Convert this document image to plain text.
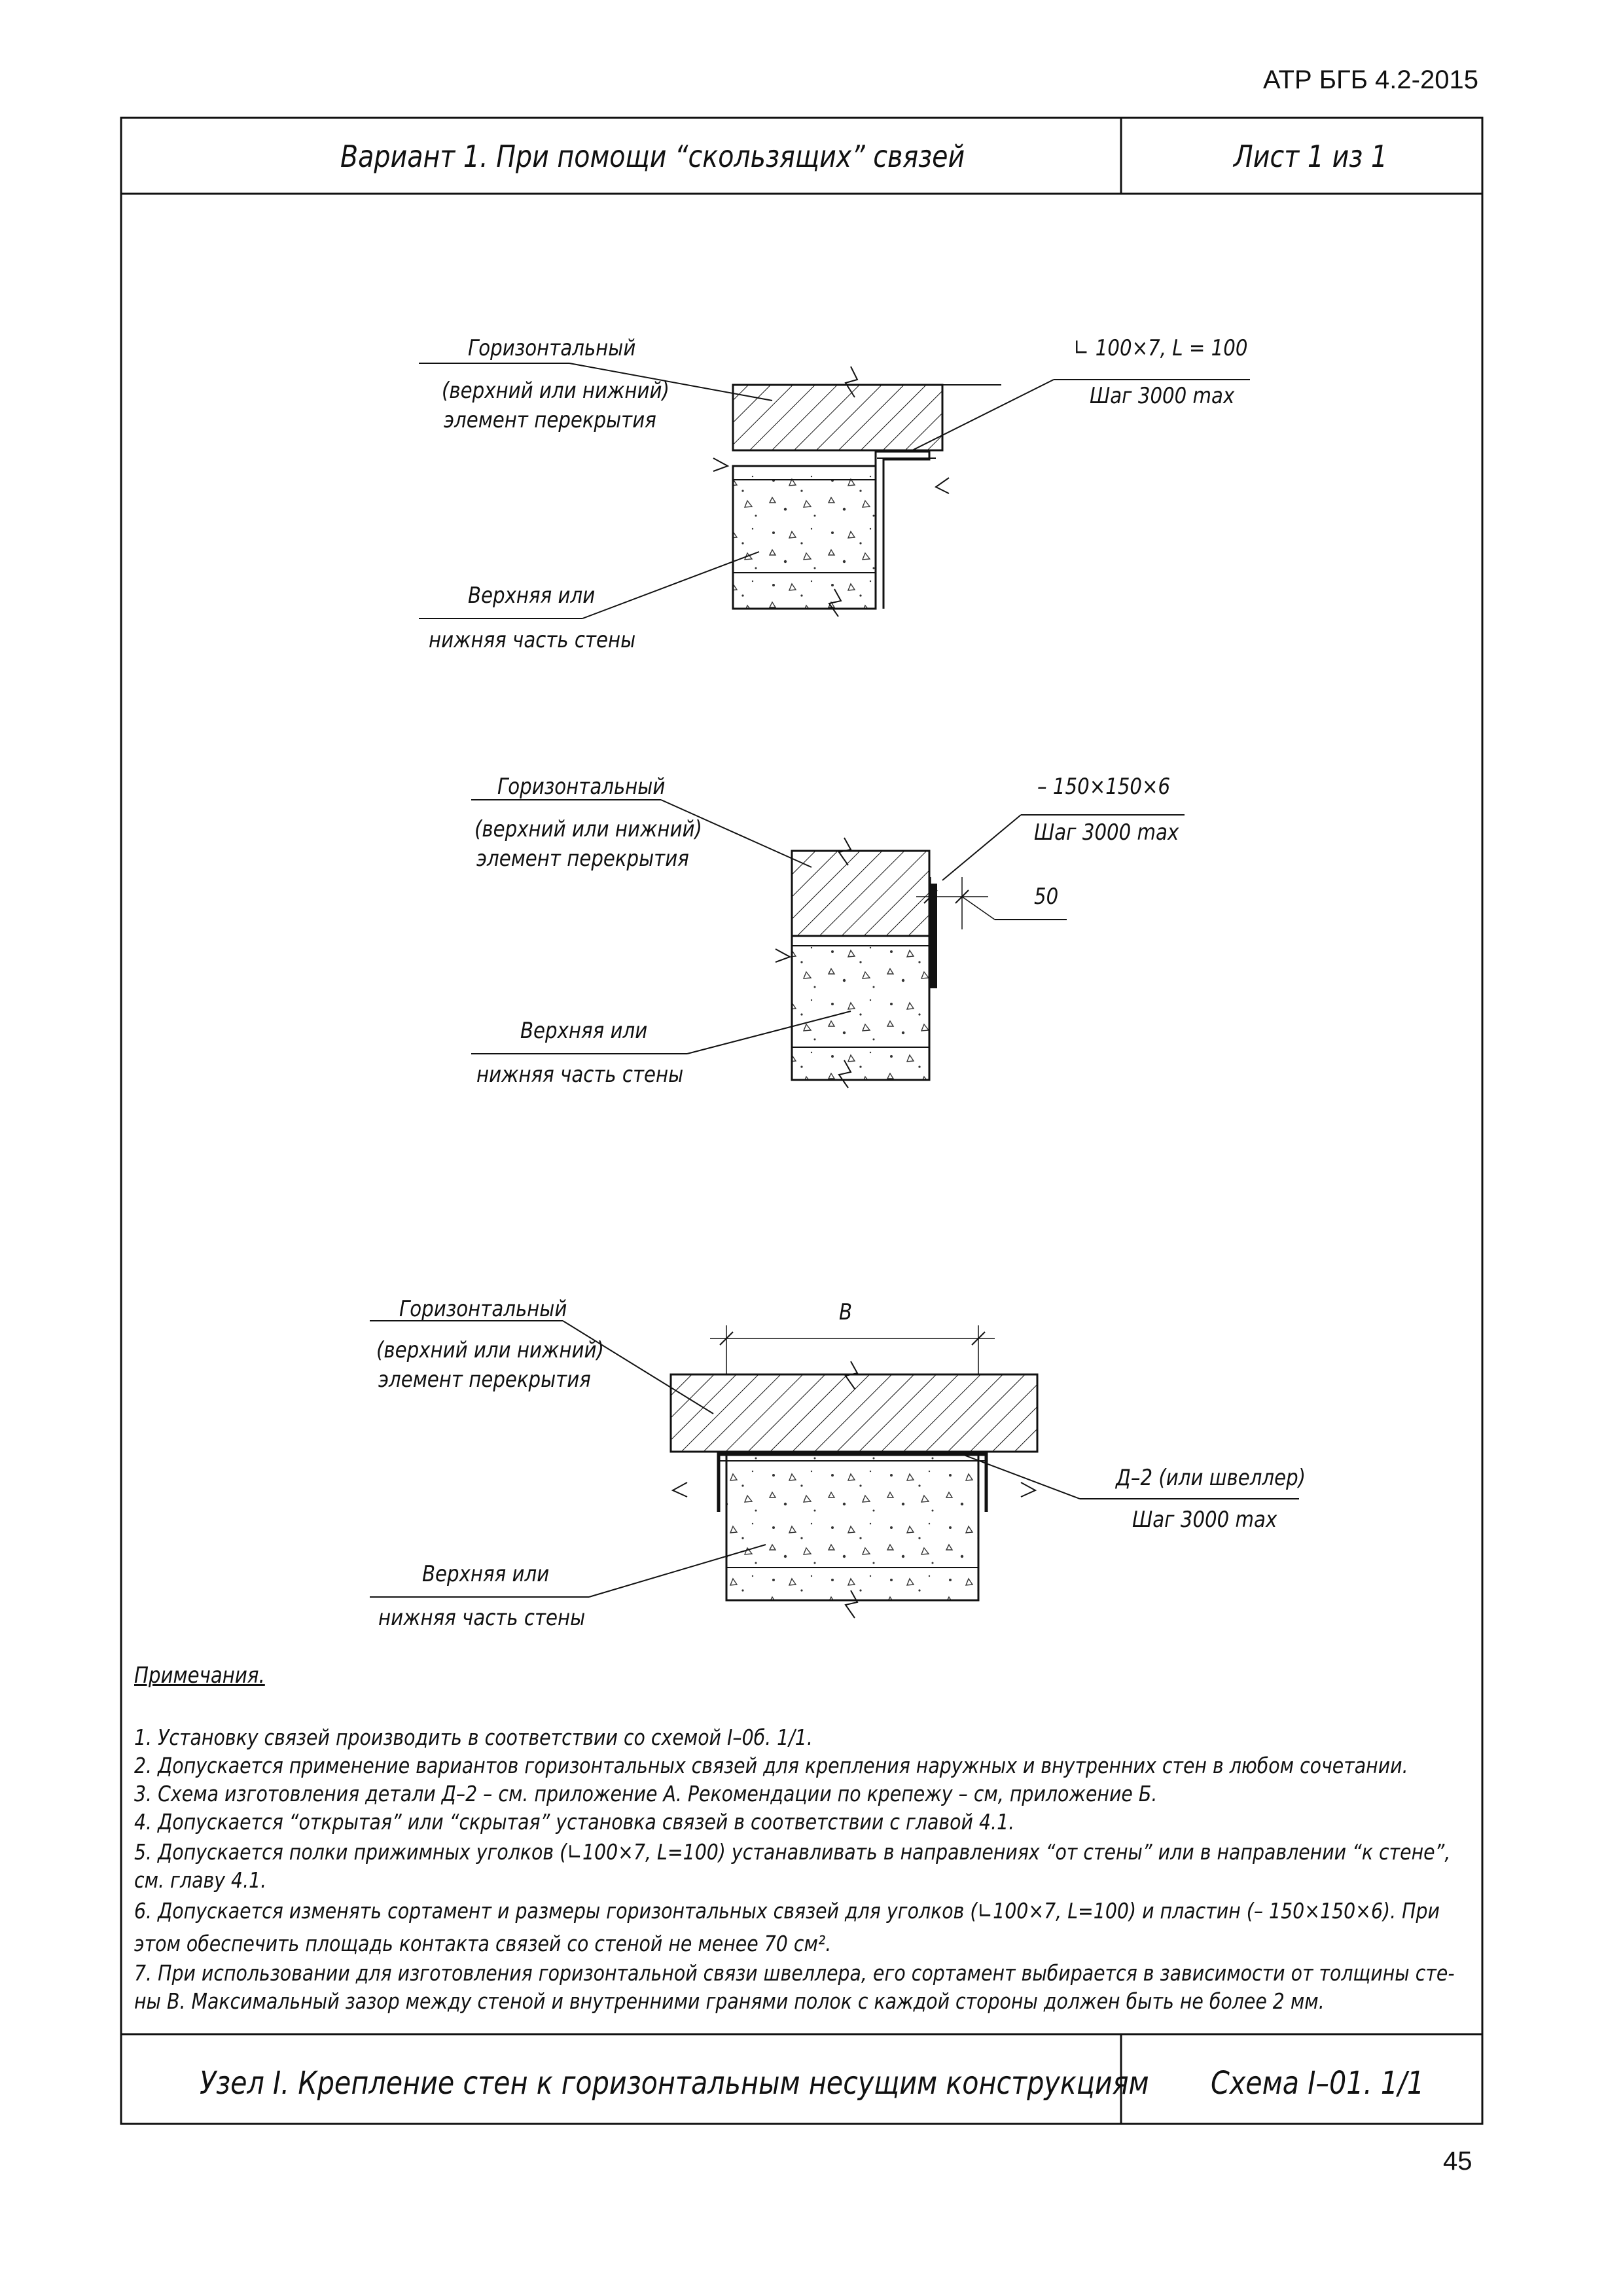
АТР БГБ 4.2-2015
Вариант 1. При помощи “скользящих” связей	Лист 1 из 1
Горизонтальный
(верхний или нижний)
элемент перекрытия
Верхняя или
нижняя часть стены
∟ 100×7, L = 100
Шаг 3000 max
Горизонтальный
(верхний или нижний)
элемент перекрытия
Верхняя или
нижняя часть стены
– 150×150×6
Шаг 3000 max
50
Горизонтальный
(верхний или нижний)
элемент перекрытия
Верхняя или
нижняя часть стены
Д–2 (или швеллер)
Шаг 3000 max
В
Примечания.
1. Установку связей производить в соответствии со схемой I–0б. 1/1.
2. Допускается применение вариантов горизонтальных связей для крепления наружных и внутренних стен в любом сочетании.
3. Схема изготовления детали Д–2 – см. приложение А. Рекомендации по крепежу – см, приложение Б.
4. Допускается “открытая” или “скрытая” установка связей в соответствии с главой 4.1.
5. Допускается полки прижимных уголков (∟100×7, L=100) устанавливать в направлениях “от стены” или в направлении “к стене”,
см. главу 4.1.
6. Допускается изменять сортамент и размеры горизонтальных связей для уголков (∟100×7, L=100) и пластин (– 150×150×6). При
этом обеспечить площадь контакта связей со стеной не менее 70 см².
7. При использовании для изготовления горизонтальной связи швеллера, его сортамент выбирается в зависимости от толщины сте-
ны В. Максимальный зазор между стеной и внутренними гранями полок с каждой стороны должен быть не более 2 мм.
Узел I. Крепление стен к горизонтальным несущим конструкциям Схема I–01. 1/1
45
